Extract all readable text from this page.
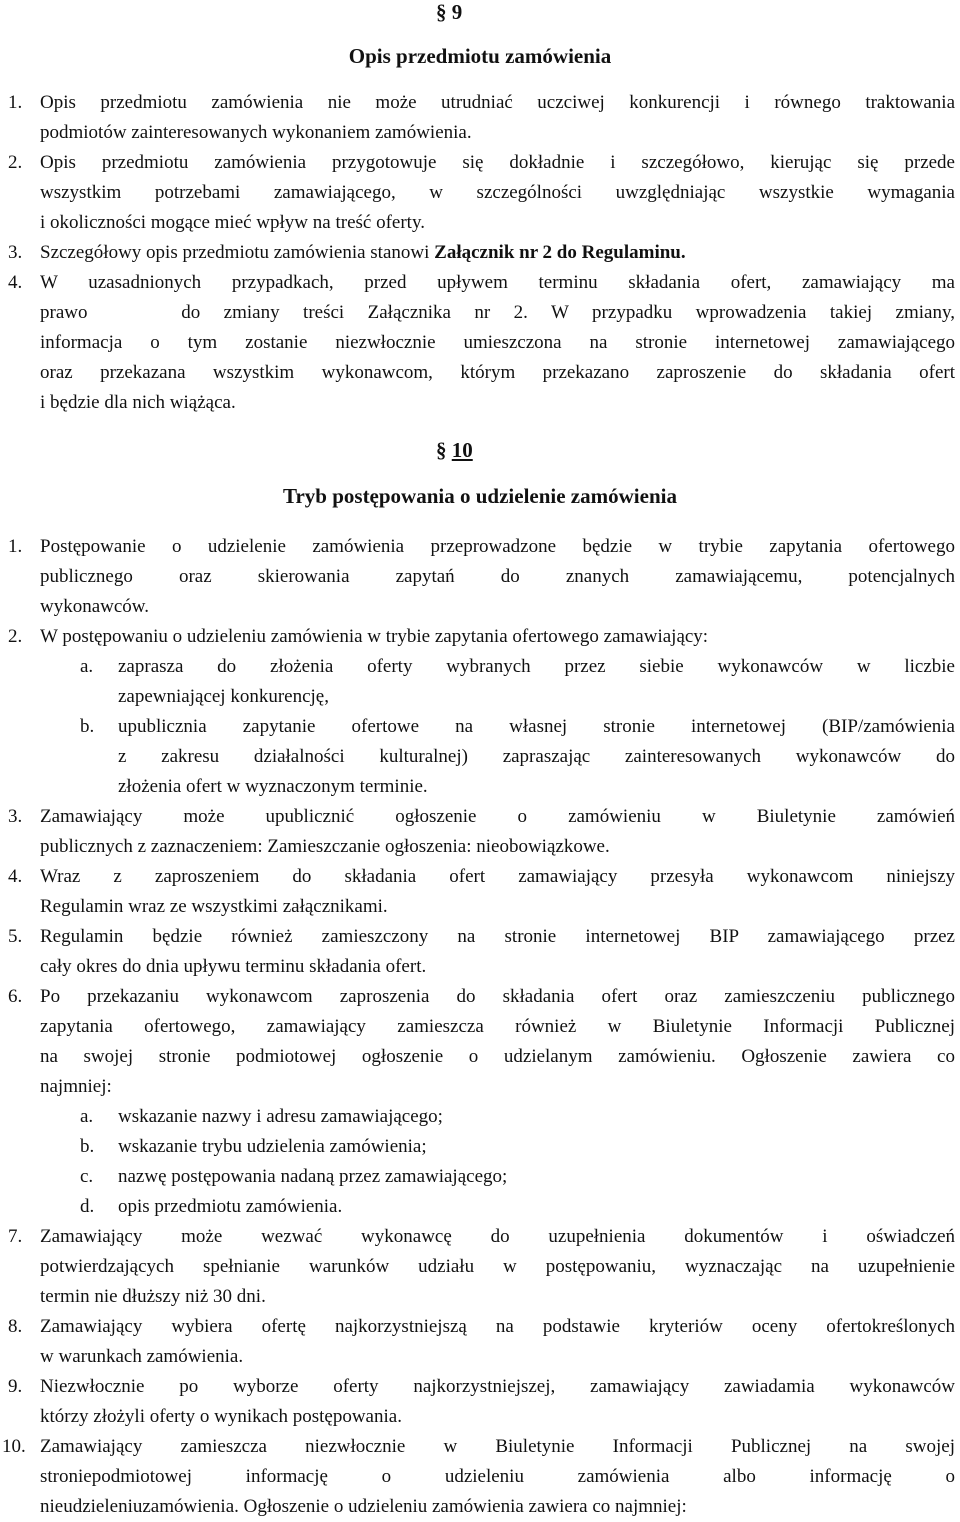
§ 9
Opis przedmiotu zamówienia
1. Opis przedmiotu zamówienia nie może utrudniać uczciwej konkurencji i równego traktowania
podmiotów zainteresowanych wykonaniem zamówienia.
2. Opis przedmiotu zamówienia przygotowuje się dokładnie i szczegółowo, kierując się przede
wszystkim potrzebami zamawiającego, w szczególności uwzględniając wszystkie wymagania
i okoliczności mogące mieć wpływ na treść oferty.
3. Szczegółowy opis przedmiotu zamówienia stanowi Załącznik nr 2 do Regulaminu.
4. W uzasadnionych przypadkach, przed upływem terminu składania ofert, zamawiający ma
prawo    do zmiany treści Załącznika nr 2. W przypadku wprowadzenia takiej zmiany,
informacja o tym zostanie niezwłocznie umieszczona na stronie internetowej zamawiającego
oraz przekazana wszystkim wykonawcom, którym przekazano zaproszenie do składania ofert
i będzie dla nich wiążąca.
§ 10
Tryb postępowania o udzielenie zamówienia
1. Postępowanie o udzielenie zamówienia przeprowadzone będzie w trybie zapytania ofertowego
publicznego oraz skierowania zapytań do znanych zamawiającemu, potencjalnych
wykonawców.
2. W postępowaniu o udzieleniu zamówienia w trybie zapytania ofertowego zamawiający:
a. zaprasza do złożenia oferty wybranych przez siebie wykonawców w liczbie
zapewniającej konkurencję,
b. upublicznia zapytanie ofertowe na własnej stronie internetowej (BIP/zamówienia
z zakresu działalności kulturalnej) zapraszając zainteresowanych wykonawców do
złożenia ofert w wyznaczonym terminie.
3. Zamawiający może upublicznić ogłoszenie o zamówieniu w Biuletynie zamówień
publicznych z zaznaczeniem: Zamieszczanie ogłoszenia: nieobowiązkowe.
4. Wraz z zaproszeniem do składania ofert zamawiający przesyła wykonawcom niniejszy
Regulamin wraz ze wszystkimi załącznikami.
5. Regulamin będzie również zamieszczony na stronie internetowej BIP zamawiającego przez
cały okres do dnia upływu terminu składania ofert.
6. Po przekazaniu wykonawcom zaproszenia do składania ofert oraz zamieszczeniu publicznego
zapytania ofertowego, zamawiający zamieszcza również w Biuletynie Informacji Publicznej
na swojej stronie podmiotowej ogłoszenie o udzielanym zamówieniu. Ogłoszenie zawiera co
najmniej:
a. wskazanie nazwy i adresu zamawiającego;
b. wskazanie trybu udzielenia zamówienia;
c. nazwę postępowania nadaną przez zamawiającego;
d. opis przedmiotu zamówienia.
7. Zamawiający może wezwać wykonawcę do uzupełnienia dokumentów i oświadczeń
potwierdzających spełnianie warunków udziału w postępowaniu, wyznaczając na uzupełnienie
termin nie dłuższy niż 30 dni.
8. Zamawiający wybiera ofertę najkorzystniejszą na podstawie kryteriów oceny ofertokreślonych
w warunkach zamówienia.
9. Niezwłocznie po wyborze oferty najkorzystniejszej, zamawiający zawiadamia wykonawców
którzy złożyli oferty o wynikach postępowania.
10. Zamawiający zamieszcza niezwłocznie w Biuletynie Informacji Publicznej na swojej
stroniepodmiotowej informację o udzieleniu zamówienia albo informację o
nieudzieleniuzamówienia. Ogłoszenie o udzieleniu zamówienia zawiera co najmniej:
